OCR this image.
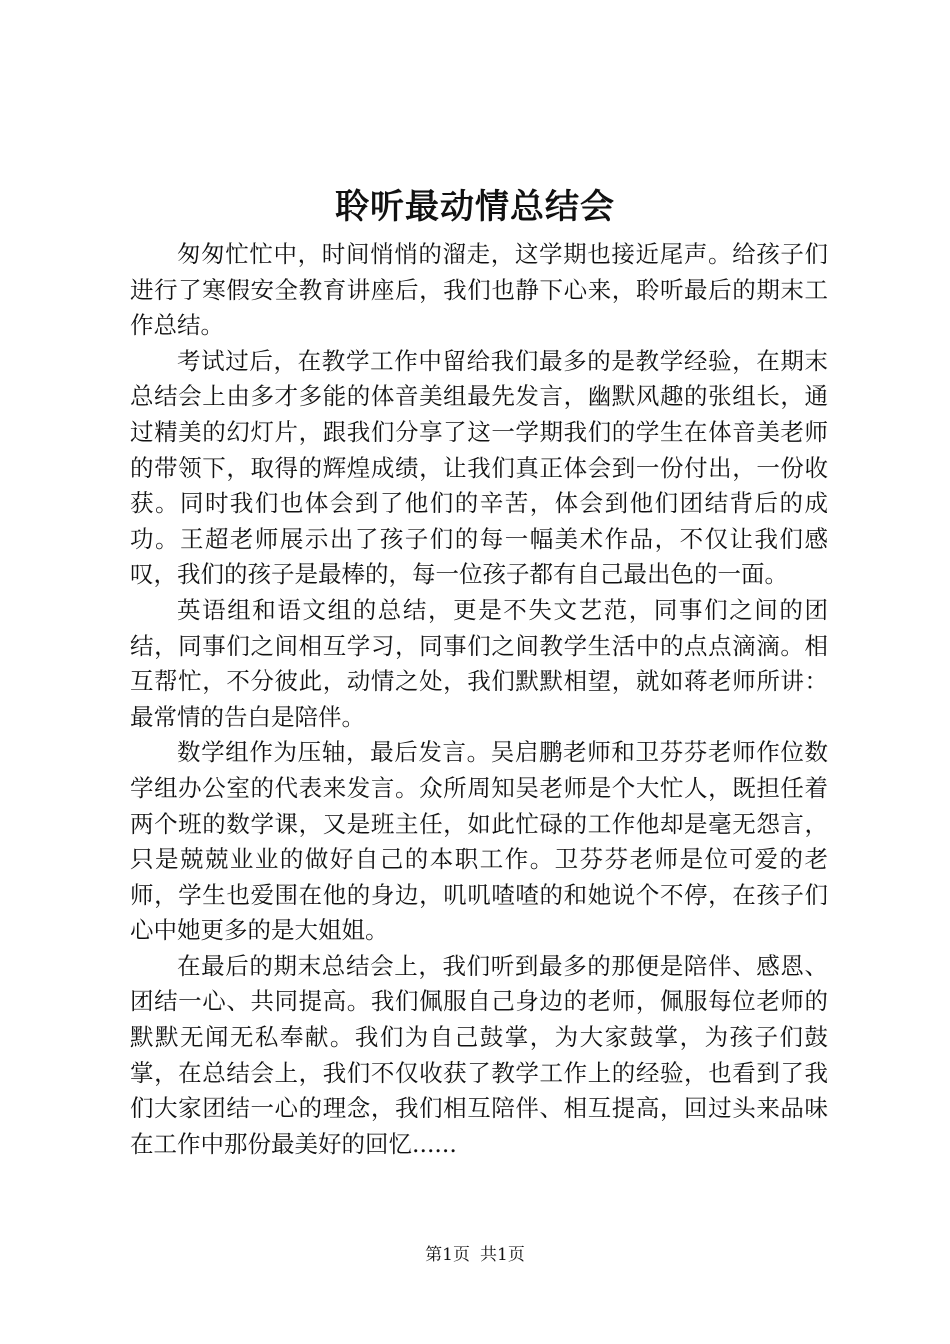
聆听最动情总结会

匆匆忙忙中，时间悄悄的溜走，这学期也接近尾声。给孩子们进行了寒假安全教育讲座后，我们也静下心来，聆听最后的期末工作总结。

考试过后，在教学工作中留给我们最多的是教学经验，在期末总结会上由多才多能的体音美组最先发言，幽默风趣的张组长，通过精美的幻灯片，跟我们分享了这一学期我们的学生在体音美老师的带领下，取得的辉煌成绩，让我们真正体会到一份付出，一份收获。同时我们也体会到了他们的辛苦，体会到他们团结背后的成功。王超老师展示出了孩子们的每一幅美术作品，不仅让我们感叹，我们的孩子是最棒的，每一位孩子都有自己最出色的一面。

英语组和语文组的总结，更是不失文艺范，同事们之间的团结，同事们之间相互学习，同事们之间教学生活中的点点滴滴。相互帮忙，不分彼此，动情之处，我们默默相望，就如蒋老师所讲：最常情的告白是陪伴。

数学组作为压轴，最后发言。吴启鹏老师和卫芬芬老师作位数学组办公室的代表来发言。众所周知吴老师是个大忙人，既担任着两个班的数学课，又是班主任，如此忙碌的工作他却是毫无怨言，只是兢兢业业的做好自己的本职工作。卫芬芬老师是位可爱的老师，学生也爱围在他的身边，叽叽喳喳的和她说个不停，在孩子们心中她更多的是大姐姐。

在最后的期末总结会上，我们听到最多的那便是陪伴、感恩、团结一心、共同提高。我们佩服自己身边的老师，佩服每位老师的默默无闻无私奉献。我们为自己鼓掌，为大家鼓掌，为孩子们鼓掌，在总结会上，我们不仅收获了教学工作上的经验，也看到了我们大家团结一心的理念，我们相互陪伴、相互提高，回过头来品味在工作中那份最美好的回忆......

第1页 共1页
